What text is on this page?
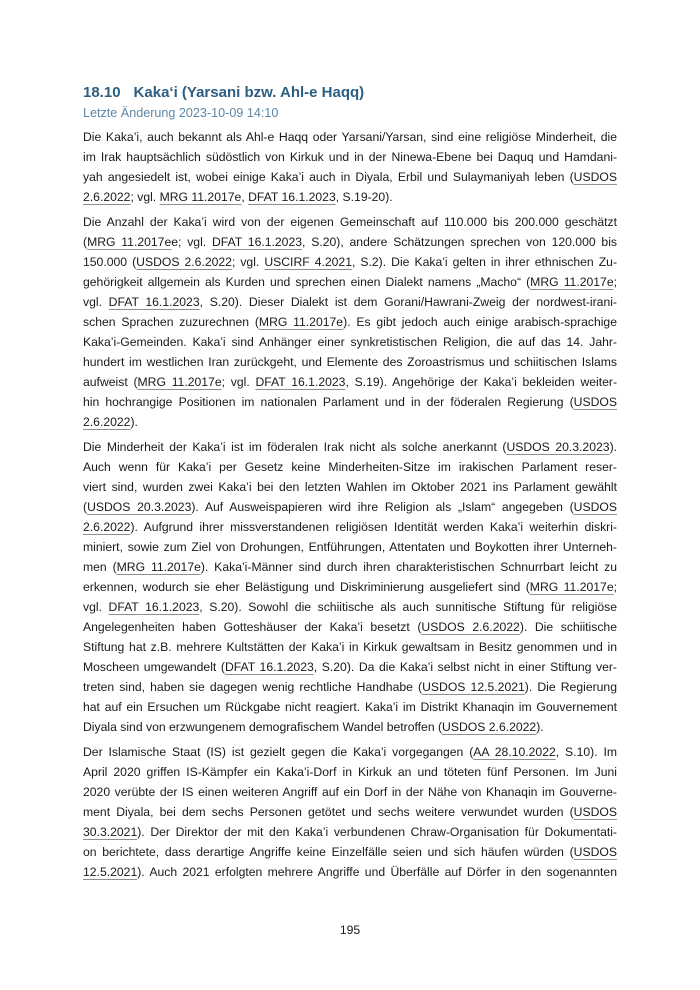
18.10 Kaka‘i (Yarsani bzw. Ahl-e Haqq)
Letzte Änderung 2023-10-09 14:10
Die Kaka’i, auch bekannt als Ahl-e Haqq oder Yarsani/Yarsan, sind eine religiöse Minderheit, die
im Irak hauptsächlich südöstlich von Kirkuk und in der Ninewa-Ebene bei Daquq und Hamdani-
yah angesiedelt ist, wobei einige Kaka’i auch in Diyala, Erbil und Sulaymaniyah leben (USDOS
2.6.2022; vgl. MRG 11.2017e, DFAT 16.1.2023, S.19-20).
Die Anzahl der Kaka’i wird von der eigenen Gemeinschaft auf 110.000 bis 200.000 geschätzt
(MRG 11.2017ee; vgl. DFAT 16.1.2023, S.20), andere Schätzungen sprechen von 120.000 bis
150.000 (USDOS 2.6.2022; vgl. USCIRF 4.2021, S.2). Die Kaka’i gelten in ihrer ethnischen Zu-
gehörigkeit allgemein als Kurden und sprechen einen Dialekt namens „Macho“ (MRG 11.2017e;
vgl. DFAT 16.1.2023, S.20). Dieser Dialekt ist dem Gorani/Hawrani-Zweig der nordwest-irani-
schen Sprachen zuzurechnen (MRG 11.2017e). Es gibt jedoch auch einige arabisch-sprachige
Kaka’i-Gemeinden. Kaka’i sind Anhänger einer synkretistischen Religion, die auf das 14. Jahr-
hundert im westlichen Iran zurückgeht, und Elemente des Zoroastrismus und schiitischen Islams
aufweist (MRG 11.2017e; vgl. DFAT 16.1.2023, S.19). Angehörige der Kaka’i bekleiden weiter-
hin hochrangige Positionen im nationalen Parlament und in der föderalen Regierung (USDOS
2.6.2022).
Die Minderheit der Kaka’i ist im föderalen Irak nicht als solche anerkannt (USDOS 20.3.2023).
Auch wenn für Kaka’i per Gesetz keine Minderheiten-Sitze im irakischen Parlament reser-
viert sind, wurden zwei Kaka’i bei den letzten Wahlen im Oktober 2021 ins Parlament gewählt
(USDOS 20.3.2023). Auf Ausweispapieren wird ihre Religion als „Islam“ angegeben (USDOS
2.6.2022). Aufgrund ihrer missverstandenen religiösen Identität werden Kaka’i weiterhin diskri-
miniert, sowie zum Ziel von Drohungen, Entführungen, Attentaten und Boykotten ihrer Unterneh-
men (MRG 11.2017e). Kaka’i-Männer sind durch ihren charakteristischen Schnurrbart leicht zu
erkennen, wodurch sie eher Belästigung und Diskriminierung ausgeliefert sind (MRG 11.2017e;
vgl. DFAT 16.1.2023, S.20). Sowohl die schiitische als auch sunnitische Stiftung für religiöse
Angelegenheiten haben Gotteshäuser der Kaka’i besetzt (USDOS 2.6.2022). Die schiitische
Stiftung hat z.B. mehrere Kultstätten der Kaka’i in Kirkuk gewaltsam in Besitz genommen und in
Moscheen umgewandelt (DFAT 16.1.2023, S.20). Da die Kaka’i selbst nicht in einer Stiftung ver-
treten sind, haben sie dagegen wenig rechtliche Handhabe (USDOS 12.5.2021). Die Regierung
hat auf ein Ersuchen um Rückgabe nicht reagiert. Kaka’i im Distrikt Khanaqin im Gouvernement
Diyala sind von erzwungenem demografischem Wandel betroffen (USDOS 2.6.2022).
Der Islamische Staat (IS) ist gezielt gegen die Kaka’i vorgegangen (AA 28.10.2022, S.10). Im
April 2020 griffen IS-Kämpfer ein Kaka’i-Dorf in Kirkuk an und töteten fünf Personen. Im Juni
2020 verübte der IS einen weiteren Angriff auf ein Dorf in der Nähe von Khanaqin im Gouverne-
ment Diyala, bei dem sechs Personen getötet und sechs weitere verwundet wurden (USDOS
30.3.2021). Der Direktor der mit den Kaka’i verbundenen Chraw-Organisation für Dokumentati-
on berichtete, dass derartige Angriffe keine Einzelfälle seien und sich häufen würden (USDOS
12.5.2021). Auch 2021 erfolgten mehrere Angriffe und Überfälle auf Dörfer in den sogenannten
195
